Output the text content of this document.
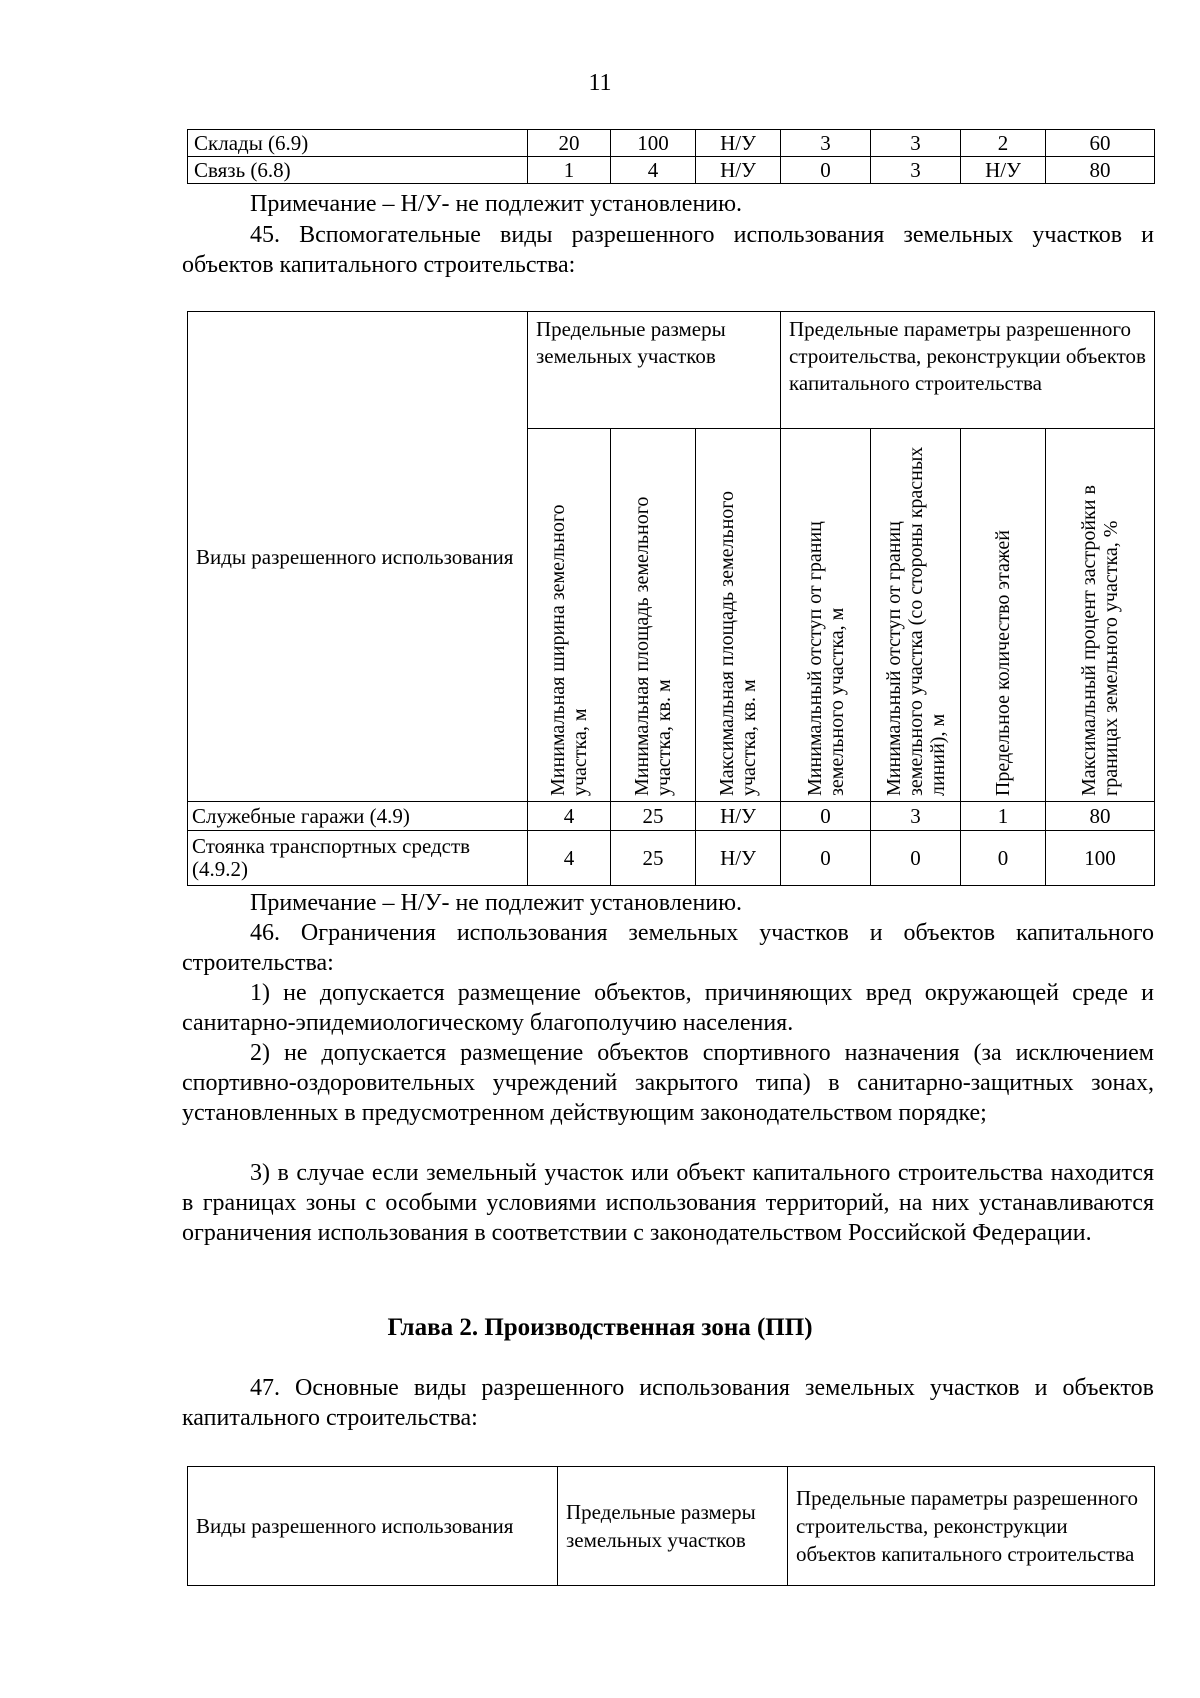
11
Склады (6.9)	20	100	Н/У	3	3	2	60
Связь (6.8)	1	4	Н/У	0	3	Н/У	80
Примечание – Н/У- не подлежит установлению.
45. Вспомогательные виды разрешенного использования земельных участков и объектов капитального строительства:
Виды разрешенного использования	Предельные размеры земельных участков			Предельные параметры разрешенного строительства, реконструкции объектов капитального строительства			
	Минимальная ширина земельного участка, м	Минимальная площадь земельного участка, кв. м	Максимальная площадь земельного участка, кв. м	Минимальный отступ от границ земельного участка, м	Минимальный отступ от границ земельного участка (со стороны красных линий), м	Предельное количество этажей	Максимальный процент застройки в границах земельного участка, %
Служебные гаражи (4.9)	4	25	Н/У	0	3	1	80
Стоянка транспортных средств (4.9.2)	4	25	Н/У	0	0	0	100
Примечание – Н/У- не подлежит установлению.
46. Ограничения использования земельных участков и объектов капитального строительства:
1) не допускается размещение объектов, причиняющих вред окружающей среде и санитарно-эпидемиологическому благополучию населения.
2) не допускается размещение объектов спортивного назначения (за исключением спортивно-оздоровительных учреждений закрытого типа) в санитарно-защитных зонах, установленных в предусмотренном действующим законодательством порядке;
3) в случае если земельный участок или объект капитального строительства находится в границах зоны с особыми условиями использования территорий, на них устанавливаются ограничения использования в соответствии с законодательством Российской Федерации.
Глава 2. Производственная зона (ПП)
47. Основные виды разрешенного использования земельных участков и объектов капитального строительства:
Виды разрешенного использования	Предельные размеры земельных участков	Предельные параметры разрешенного строительства, реконструкции объектов капитального строительства
